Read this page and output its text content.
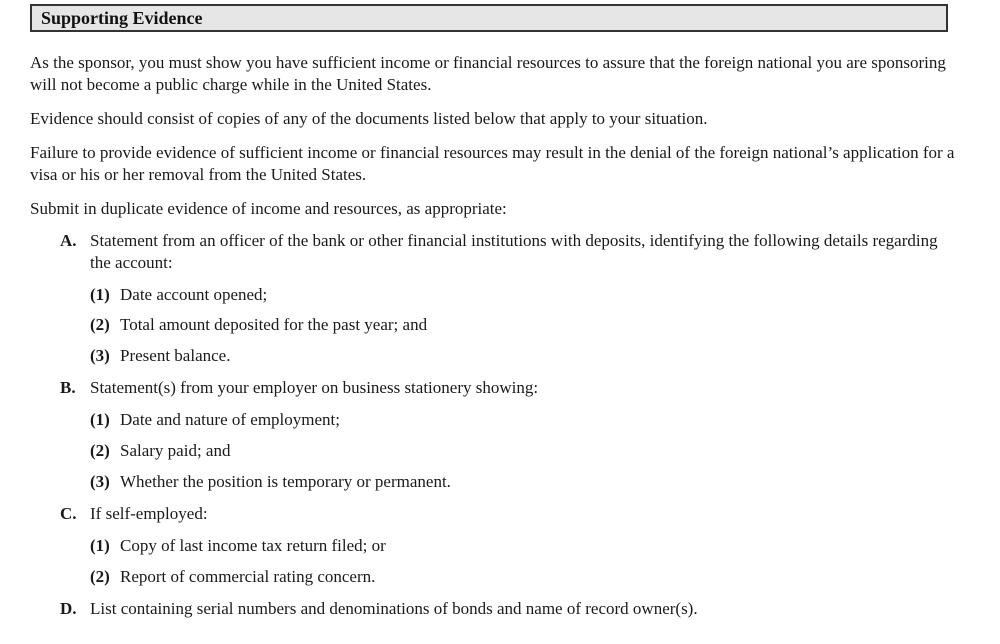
Supporting Evidence

As the sponsor, you must show you have sufficient income or financial resources to assure that the foreign national you are sponsoring will not become a public charge while in the United States.

Evidence should consist of copies of any of the documents listed below that apply to your situation.

Failure to provide evidence of sufficient income or financial resources may result in the denial of the foreign national’s application for a visa or his or her removal from the United States.

Submit in duplicate evidence of income and resources, as appropriate:

A. Statement from an officer of the bank or other financial institutions with deposits, identifying the following details regarding the account:
(1) Date account opened;
(2) Total amount deposited for the past year; and
(3) Present balance.
B. Statement(s) from your employer on business stationery showing:
(1) Date and nature of employment;
(2) Salary paid; and
(3) Whether the position is temporary or permanent.
C. If self-employed:
(1) Copy of last income tax return filed; or
(2) Report of commercial rating concern.
D. List containing serial numbers and denominations of bonds and name of record owner(s).
